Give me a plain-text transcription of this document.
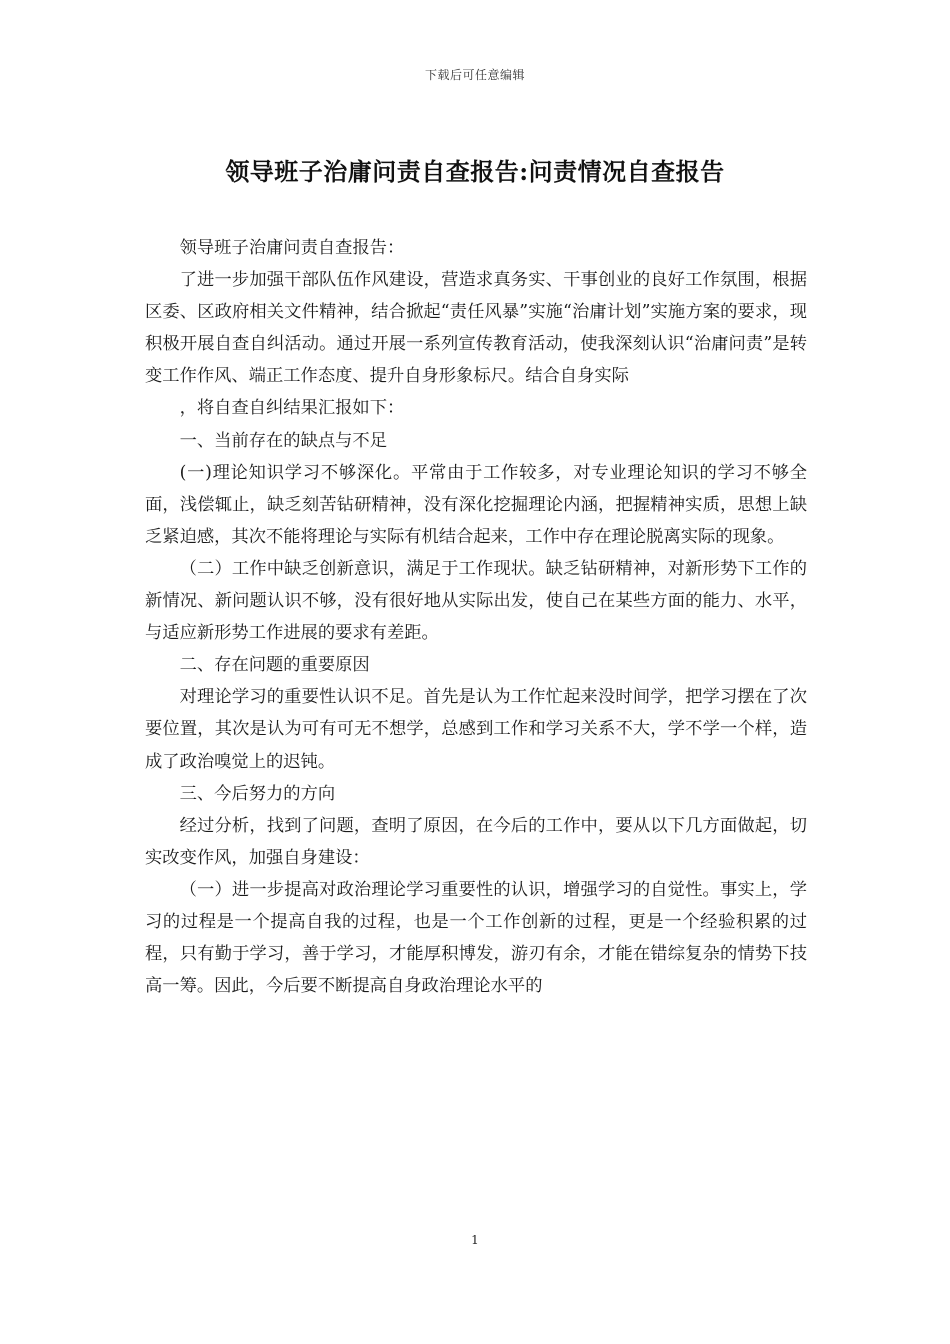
下载后可任意编辑
领导班子治庸问责自查报告:问责情况自查报告

领导班子治庸问责自查报告：

了进一步加强干部队伍作风建设，营造求真务实、干事创业的良好工作氛围，根据区委、区政府相关文件精神，结合掀起“责任风暴”实施“治庸计划”实施方案的要求，现积极开展自查自纠活动。通过开展一系列宣传教育活动，使我深刻认识“治庸问责”是转变工作作风、端正工作态度、提升自身形象标尺。结合自身实际

，将自查自纠结果汇报如下：

一、当前存在的缺点与不足

(一)理论知识学习不够深化。平常由于工作较多，对专业理论知识的学习不够全面，浅偿辄止，缺乏刻苦钻研精神，没有深化挖掘理论内涵，把握精神实质，思想上缺乏紧迫感，其次不能将理论与实际有机结合起来，工作中存在理论脱离实际的现象。

（二）工作中缺乏创新意识，满足于工作现状。缺乏钻研精神，对新形势下工作的新情况、新问题认识不够，没有很好地从实际出发，使自己在某些方面的能力、水平，与适应新形势工作进展的要求有差距。

二、存在问题的重要原因

对理论学习的重要性认识不足。首先是认为工作忙起来没时间学，把学习摆在了次要位置，其次是认为可有可无不想学，总感到工作和学习关系不大，学不学一个样，造成了政治嗅觉上的迟钝。

三、今后努力的方向

经过分析，找到了问题，查明了原因，在今后的工作中，要从以下几方面做起，切实改变作风，加强自身建设：

（一）进一步提高对政治理论学习重要性的认识，增强学习的自觉性。事实上，学习的过程是一个提高自我的过程，也是一个工作创新的过程，更是一个经验积累的过程，只有勤于学习，善于学习，才能厚积博发，游刃有余，才能在错综复杂的情势下技高一筹。因此，今后要不断提高自身政治理论水平的

1
